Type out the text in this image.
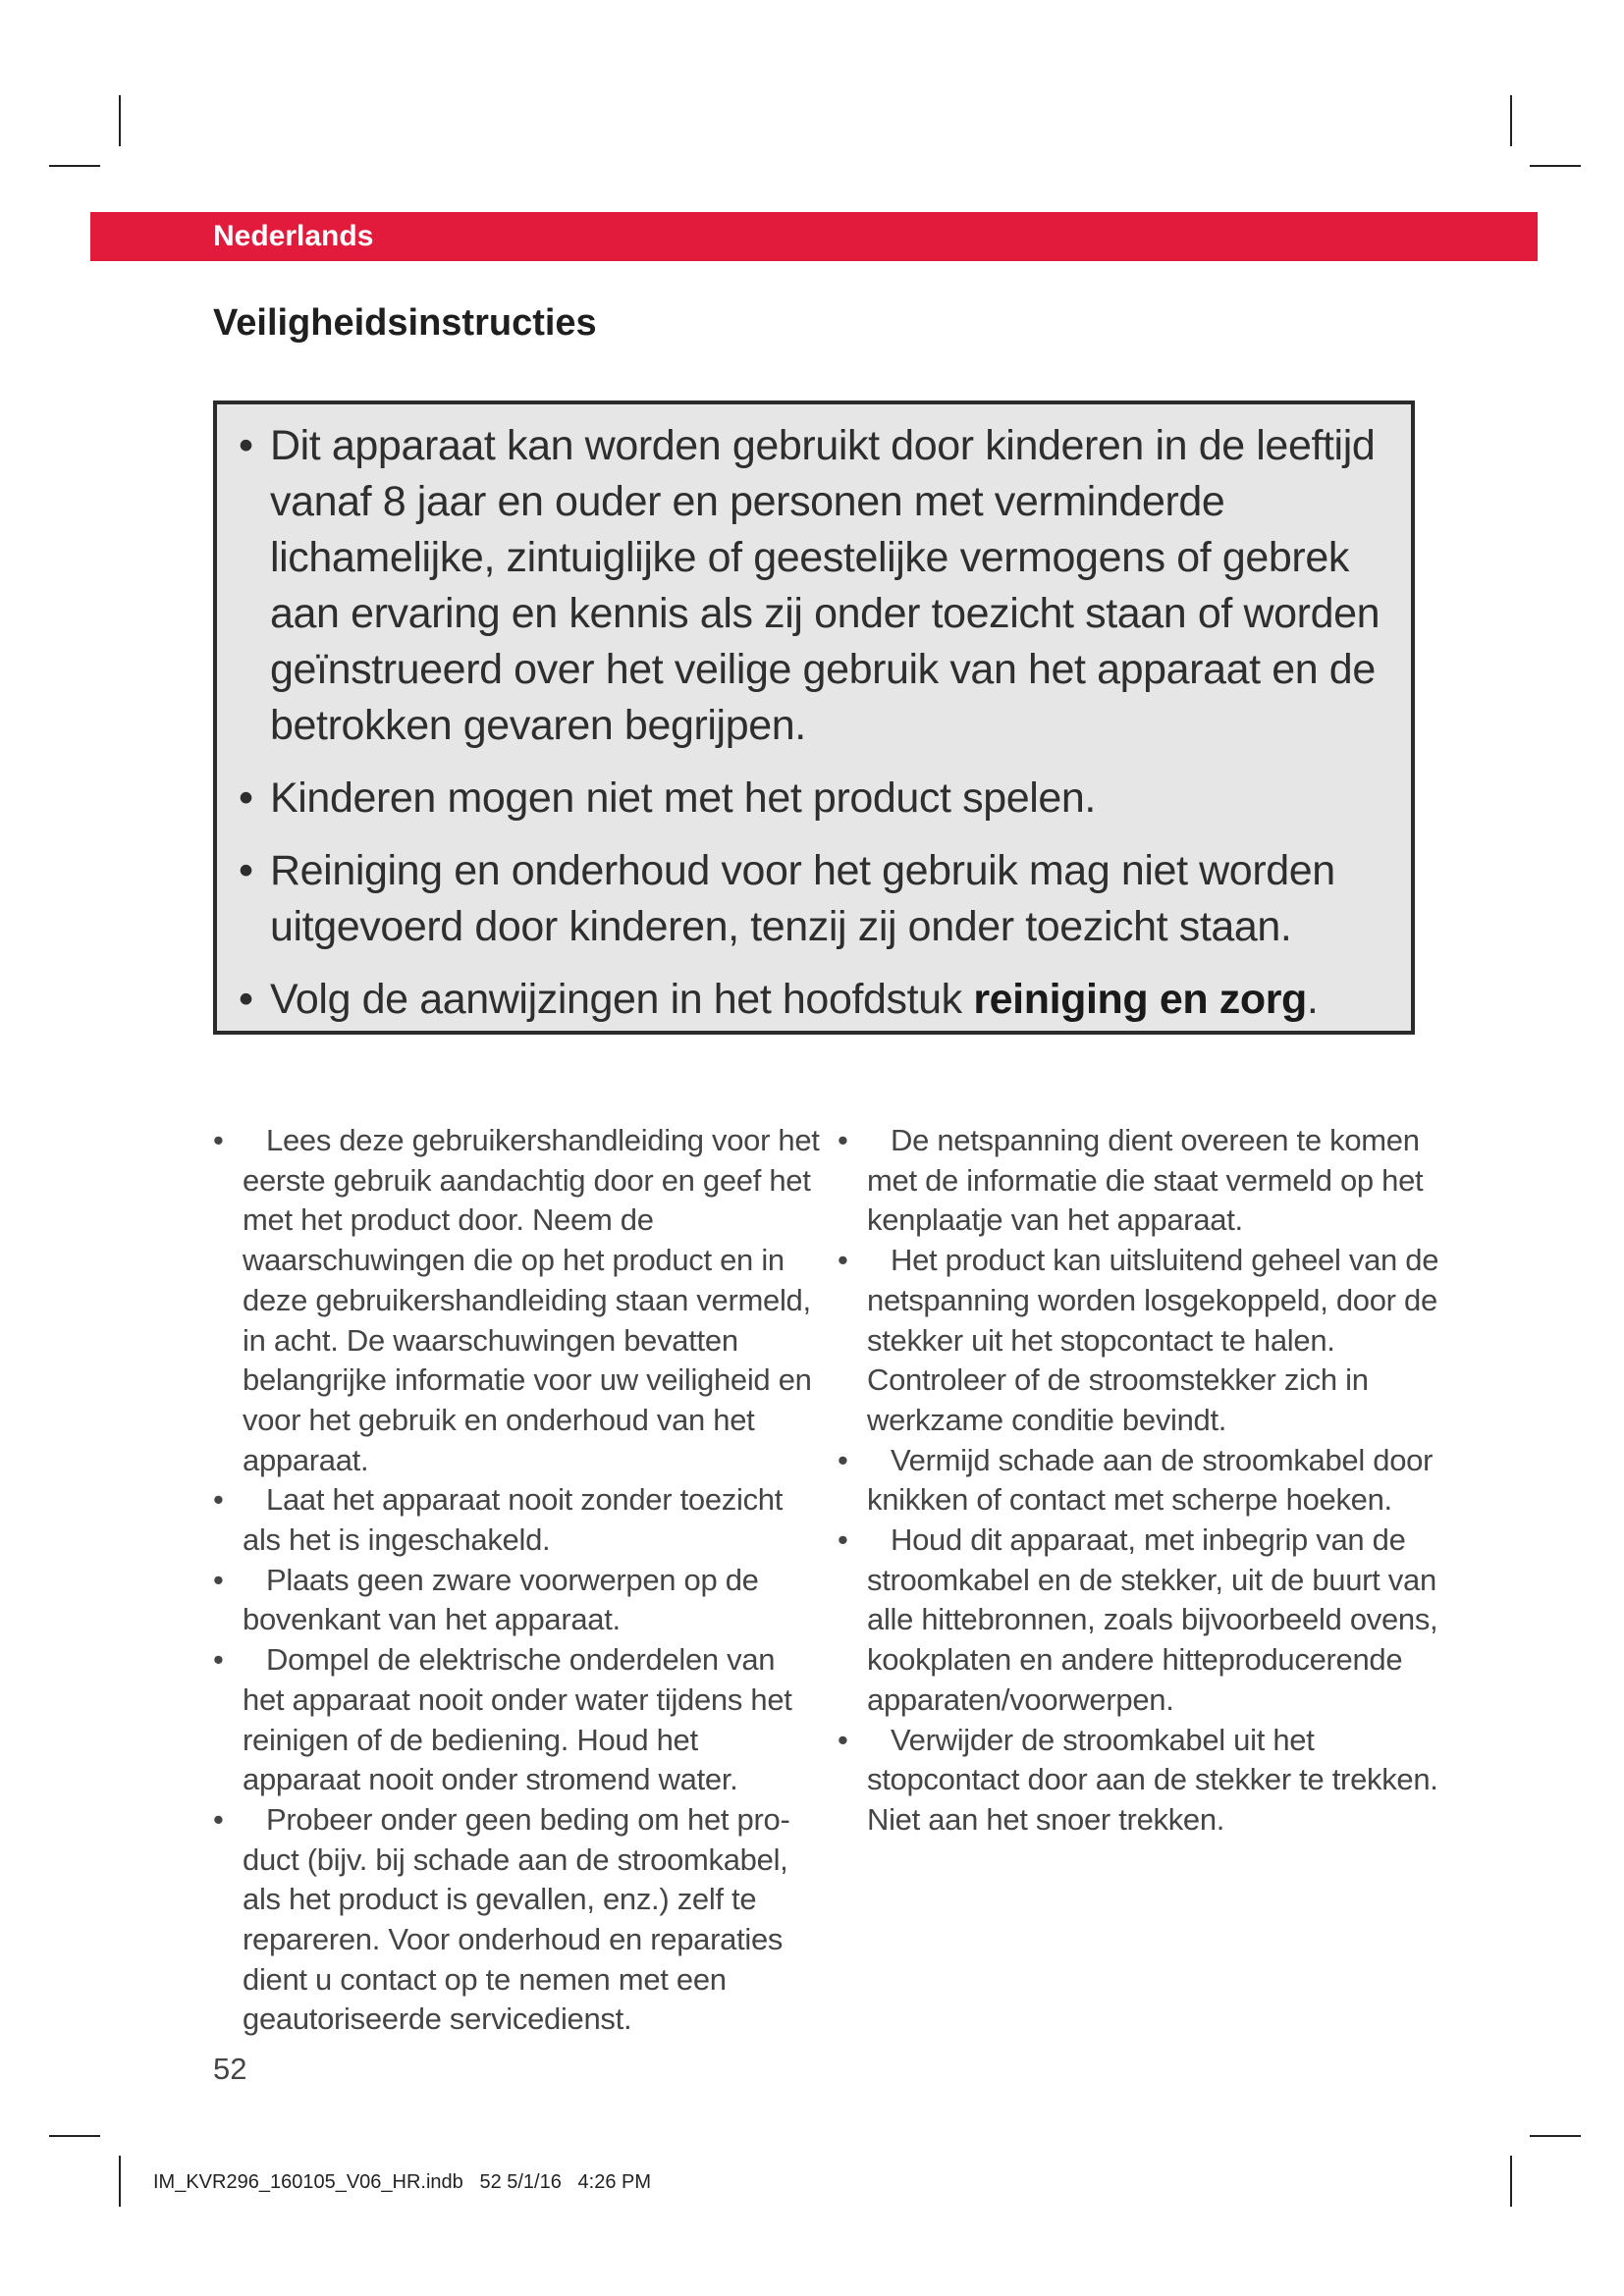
Nederlands
Veiligheidsinstructies
• Dit apparaat kan worden gebruikt door kinderen in de leeftijd vanaf 8 jaar en ouder en personen met verminderde lichamelijke, zintuiglijke of geestelijke vermogens of gebrek aan ervaring en kennis als zij onder toezicht staan of worden geïnstrueerd over het veilige gebruik van het apparaat en de betrokken gevaren begrijpen.
• Kinderen mogen niet met het product spelen.
• Reiniging en onderhoud voor het gebruik mag niet worden uitgevoerd door kinderen, tenzij zij onder toezicht staan.
• Volg de aanwijzingen in het hoofdstuk reiniging en zorg.
• Lees deze gebruikershandleiding voor het eerste gebruik aandachtig door en geef het met het product door. Neem de waarschuwingen die op het product en in deze gebruikershandleiding staan vermeld, in acht. De waarschuwingen bevatten belangrijke informatie voor uw veiligheid en voor het gebruik en onderhoud van het apparaat.
• Laat het apparaat nooit zonder toezicht als het is ingeschakeld.
• Plaats geen zware voorwerpen op de bovenkant van het apparaat.
• Dompel de elektrische onderdelen van het apparaat nooit onder water tijdens het reinigen of de bediening. Houd het apparaat nooit onder stromend water.
• Probeer onder geen beding om het pro-duct (bijv. bij schade aan de stroomkabel, als het product is gevallen, enz.) zelf te repareren. Voor onderhoud en reparaties dient u contact op te nemen met een geautoriseerde servicedienst.
• De netspanning dient overeen te komen met de informatie die staat vermeld op het kenplaatje van het apparaat.
• Het product kan uitsluitend geheel van de netspanning worden losgekoppeld, door de stekker uit het stopcontact te halen. Controleer of de stroomstekker zich in werkzame conditie bevindt.
• Vermijd schade aan de stroomkabel door knikken of contact met scherpe hoeken.
• Houd dit apparaat, met inbegrip van de stroomkabel en de stekker, uit de buurt van alle hittebronnen, zoals bijvoorbeeld ovens, kookplaten en andere hitteproducerende apparaten/voorwerpen.
• Verwijder de stroomkabel uit het stopcontact door aan de stekker te trekken. Niet aan het snoer trekken.
52
IM_KVR296_160105_V06_HR.indb   52 5/1/16   4:26 PM
